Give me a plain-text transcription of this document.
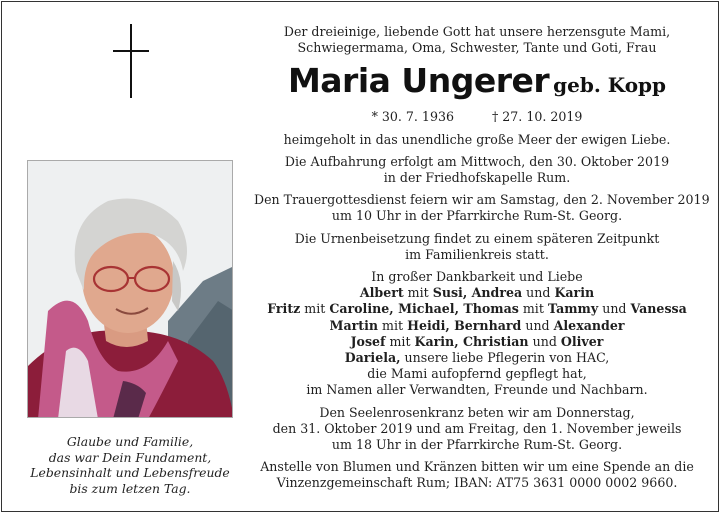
Glaube und Familie,
das war Dein Fundament,
Lebensinhalt und Lebensfreude
bis zum letzen Tag.
Der dreieinige, liebende Gott hat unsere herzensgute Mami,
Schwiegermama, Oma, Schwester, Tante und Goti, Frau
Maria Ungerer geb. Kopp
* 30. 7. 1936	† 27. 10. 2019
heimgeholt in das unendliche große Meer der ewigen Liebe.
Die Aufbahrung erfolgt am Mittwoch, den 30. Oktober 2019
in der Friedhofskapelle Rum.
Den Trauergottesdienst feiern wir am Samstag, den 2. November 2019
um 10 Uhr in der Pfarrkirche Rum-St. Georg.
Die Urnenbeisetzung findet zu einem späteren Zeitpunkt
im Familienkreis statt.
In großer Dankbarkeit und Liebe
Albert mit Susi, Andrea und Karin
Fritz mit Caroline, Michael, Thomas mit Tammy und Vanessa
Martin mit Heidi, Bernhard und Alexander
Josef mit Karin, Christian und Oliver
Dariela, unsere liebe Pflegerin von HAC,
die Mami aufopfernd gepflegt hat,
im Namen aller Verwandten, Freunde und Nachbarn.
Den Seelenrosenkranz beten wir am Donnerstag,
den 31. Oktober 2019 und am Freitag, den 1. November jeweils
um 18 Uhr in der Pfarrkirche Rum-St. Georg.
Anstelle von Blumen und Kränzen bitten wir um eine Spende an die
Vinzenzgemeinschaft Rum; IBAN: AT75 3631 0000 0002 9660.
